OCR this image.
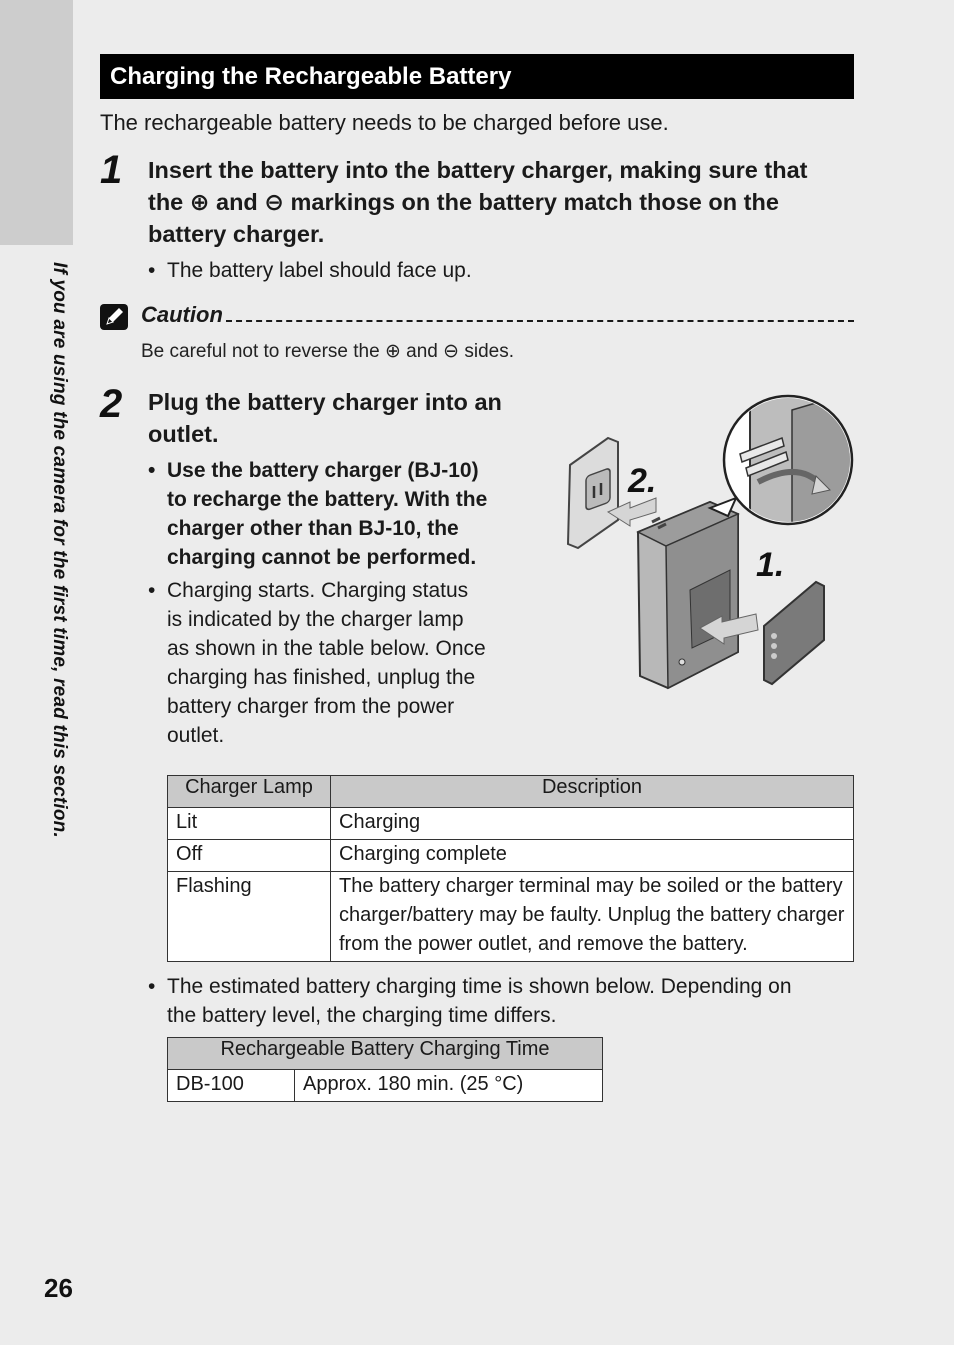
If you are using the camera for the first time, read this section.
26
Charging the Rechargeable Battery
The rechargeable battery needs to be charged before use.
1 Insert the battery into the battery charger, making sure that
the ⊕ and ⊖ markings on the battery match those on the
battery charger.
• The battery label should face up.
Caution
Be careful not to reverse the ⊕ and ⊖ sides.
2 Plug the battery charger into an
outlet.
• Use the battery charger (BJ-10)
to recharge the battery. With the
charger other than BJ-10, the
charging cannot be performed.
• Charging starts. Charging status
is indicated by the charger lamp
as shown in the table below. Once
charging has finished, unplug the
battery charger from the power
outlet.
2.
1.
Charger Lamp	Description
Lit	Charging
Off	Charging complete
Flashing	The battery charger terminal may be soiled or the battery
charger/battery may be faulty. Unplug the battery charger
from the power outlet, and remove the battery.
• The estimated battery charging time is shown below. Depending on
the battery level, the charging time differs.
Rechargeable Battery Charging Time
DB-100	Approx. 180 min. (25 °C)
